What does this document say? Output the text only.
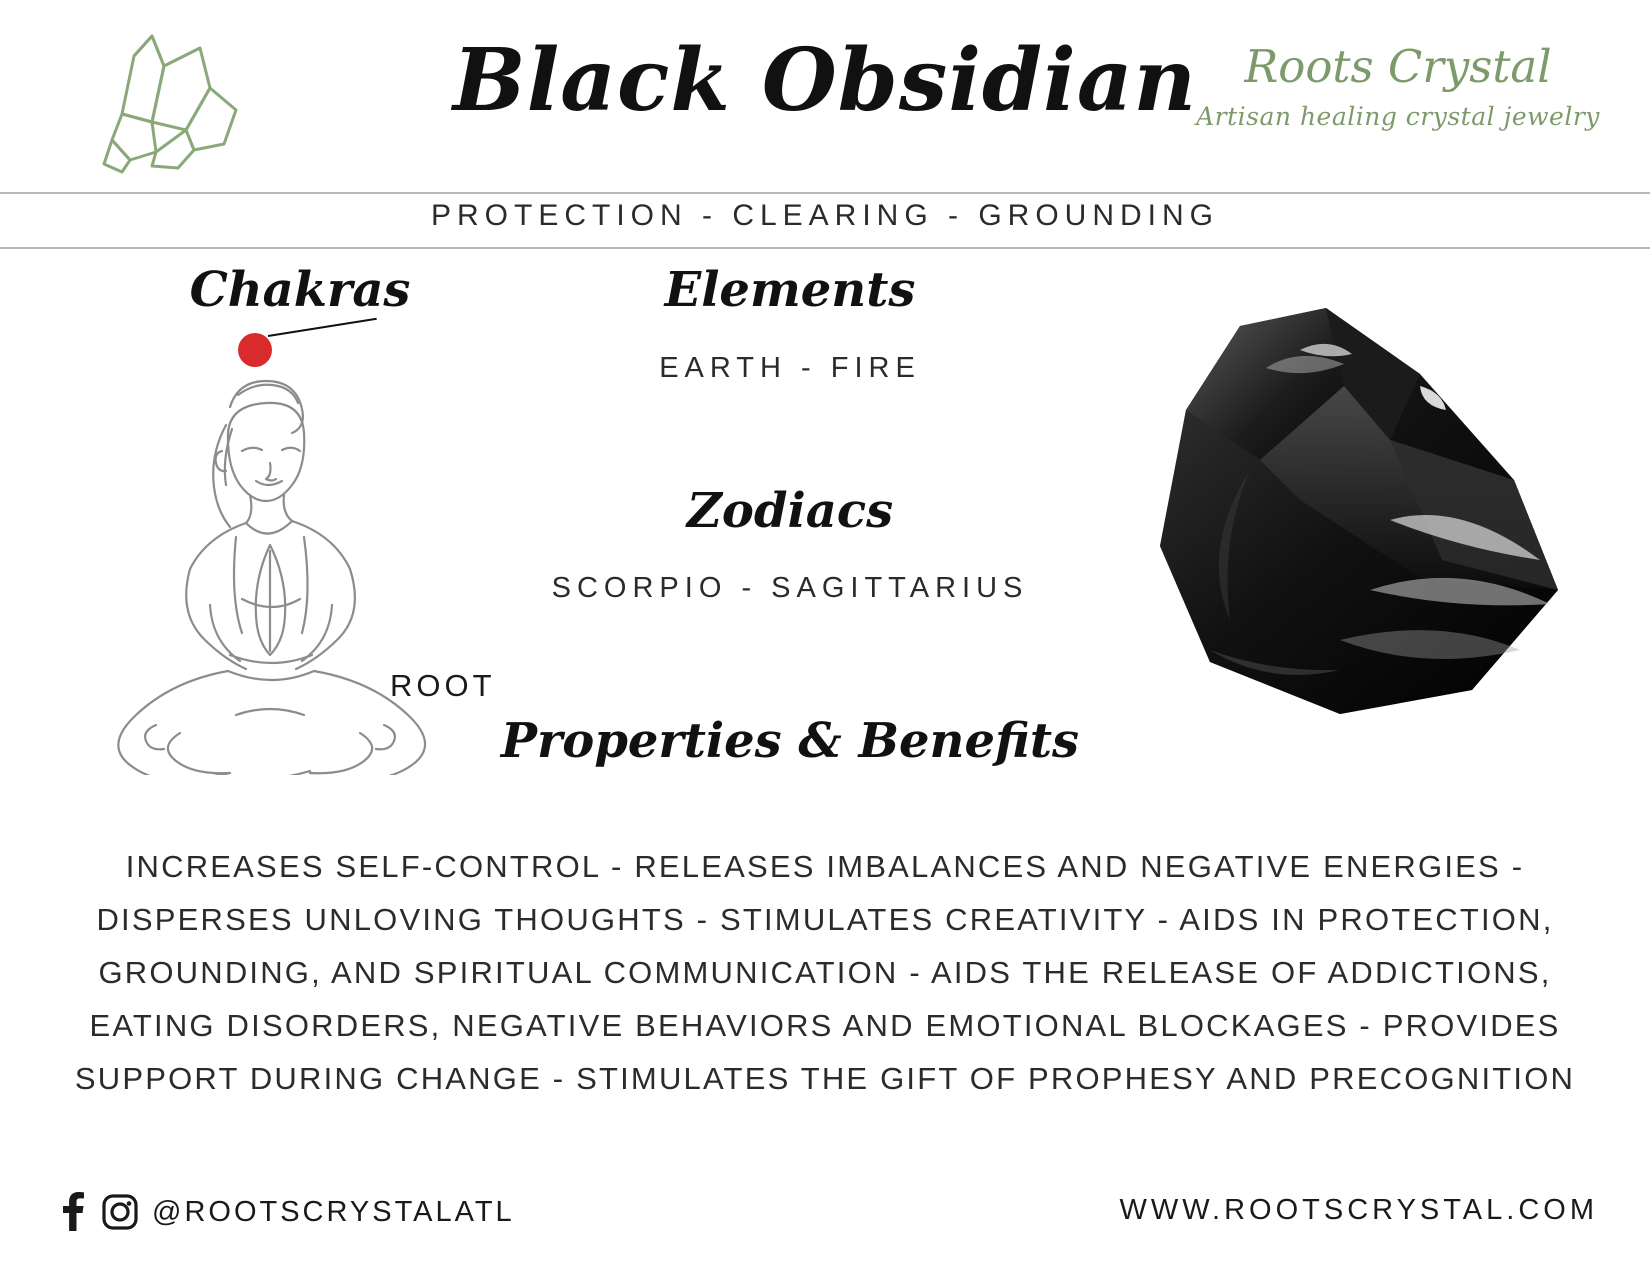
Black Obsidian	Roots Crystal
Artisan healing crystal jewelry
PROTECTION - CLEARING - GROUNDING
Chakras
ROOT
Elements
EARTH - FIRE
Zodiacs
SCORPIO - SAGITTARIUS
Properties & Benefits
INCREASES SELF-CONTROL - RELEASES IMBALANCES AND NEGATIVE ENERGIES - DISPERSES UNLOVING THOUGHTS - STIMULATES CREATIVITY - AIDS IN PROTECTION, GROUNDING, AND SPIRITUAL COMMUNICATION - AIDS THE RELEASE OF ADDICTIONS, EATING DISORDERS, NEGATIVE BEHAVIORS AND EMOTIONAL BLOCKAGES - PROVIDES SUPPORT DURING CHANGE - STIMULATES THE GIFT OF PROPHESY AND PRECOGNITION
@ROOTSCRYSTALATL	WWW.ROOTSCRYSTAL.COM
